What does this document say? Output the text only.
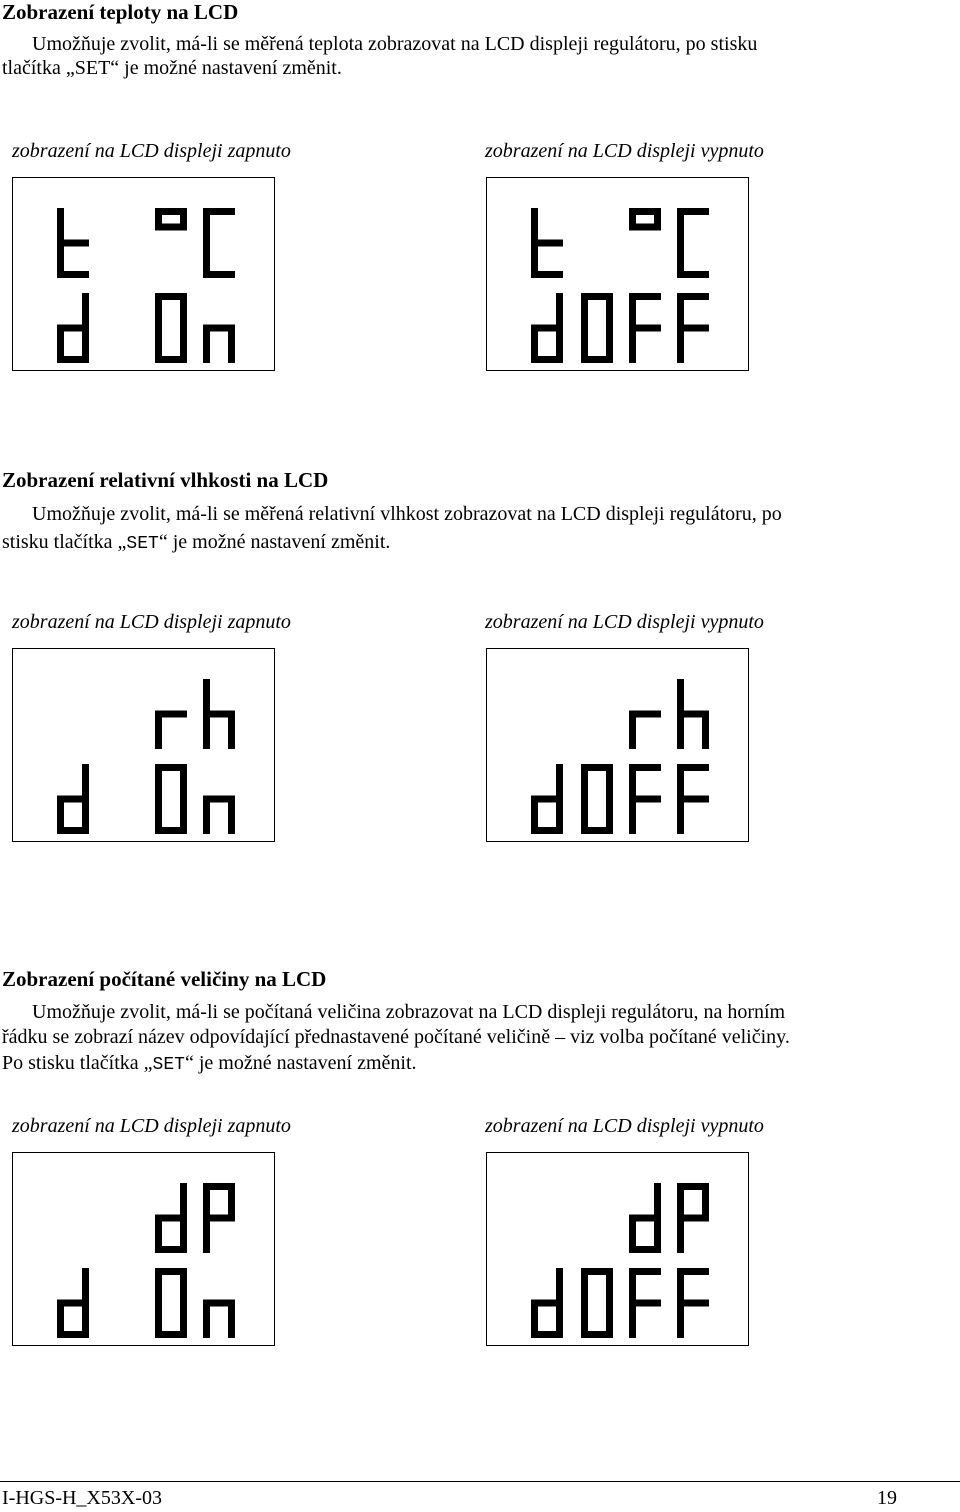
Zobrazení teploty na LCD

Umožňuje zvolit, má-li se měřená teplota zobrazovat na LCD displeji regulátoru, po stisku

tlačítka „SET“ je možné nastavení změnit.

zobrazení na LCD displeji zapnuto	zobrazení na LCD displeji vypnuto
Zobrazení relativní vlhkosti na LCD

Umožňuje zvolit, má-li se měřená relativní vlhkost zobrazovat na LCD displeji regulátoru, po

stisku tlačítka „SET“ je možné nastavení změnit.

zobrazení na LCD displeji zapnuto	zobrazení na LCD displeji vypnuto
Zobrazení počítané veličiny na LCD

Umožňuje zvolit, má-li se počítaná veličina zobrazovat na LCD displeji regulátoru, na horním

řádku se zobrazí název odpovídající přednastavené počítané veličině – viz volba počítané veličiny.

Po stisku tlačítka „SET“ je možné nastavení změnit.

zobrazení na LCD displeji zapnuto	zobrazení na LCD displeji vypnuto
I-HGS-H_X53X-03	19
